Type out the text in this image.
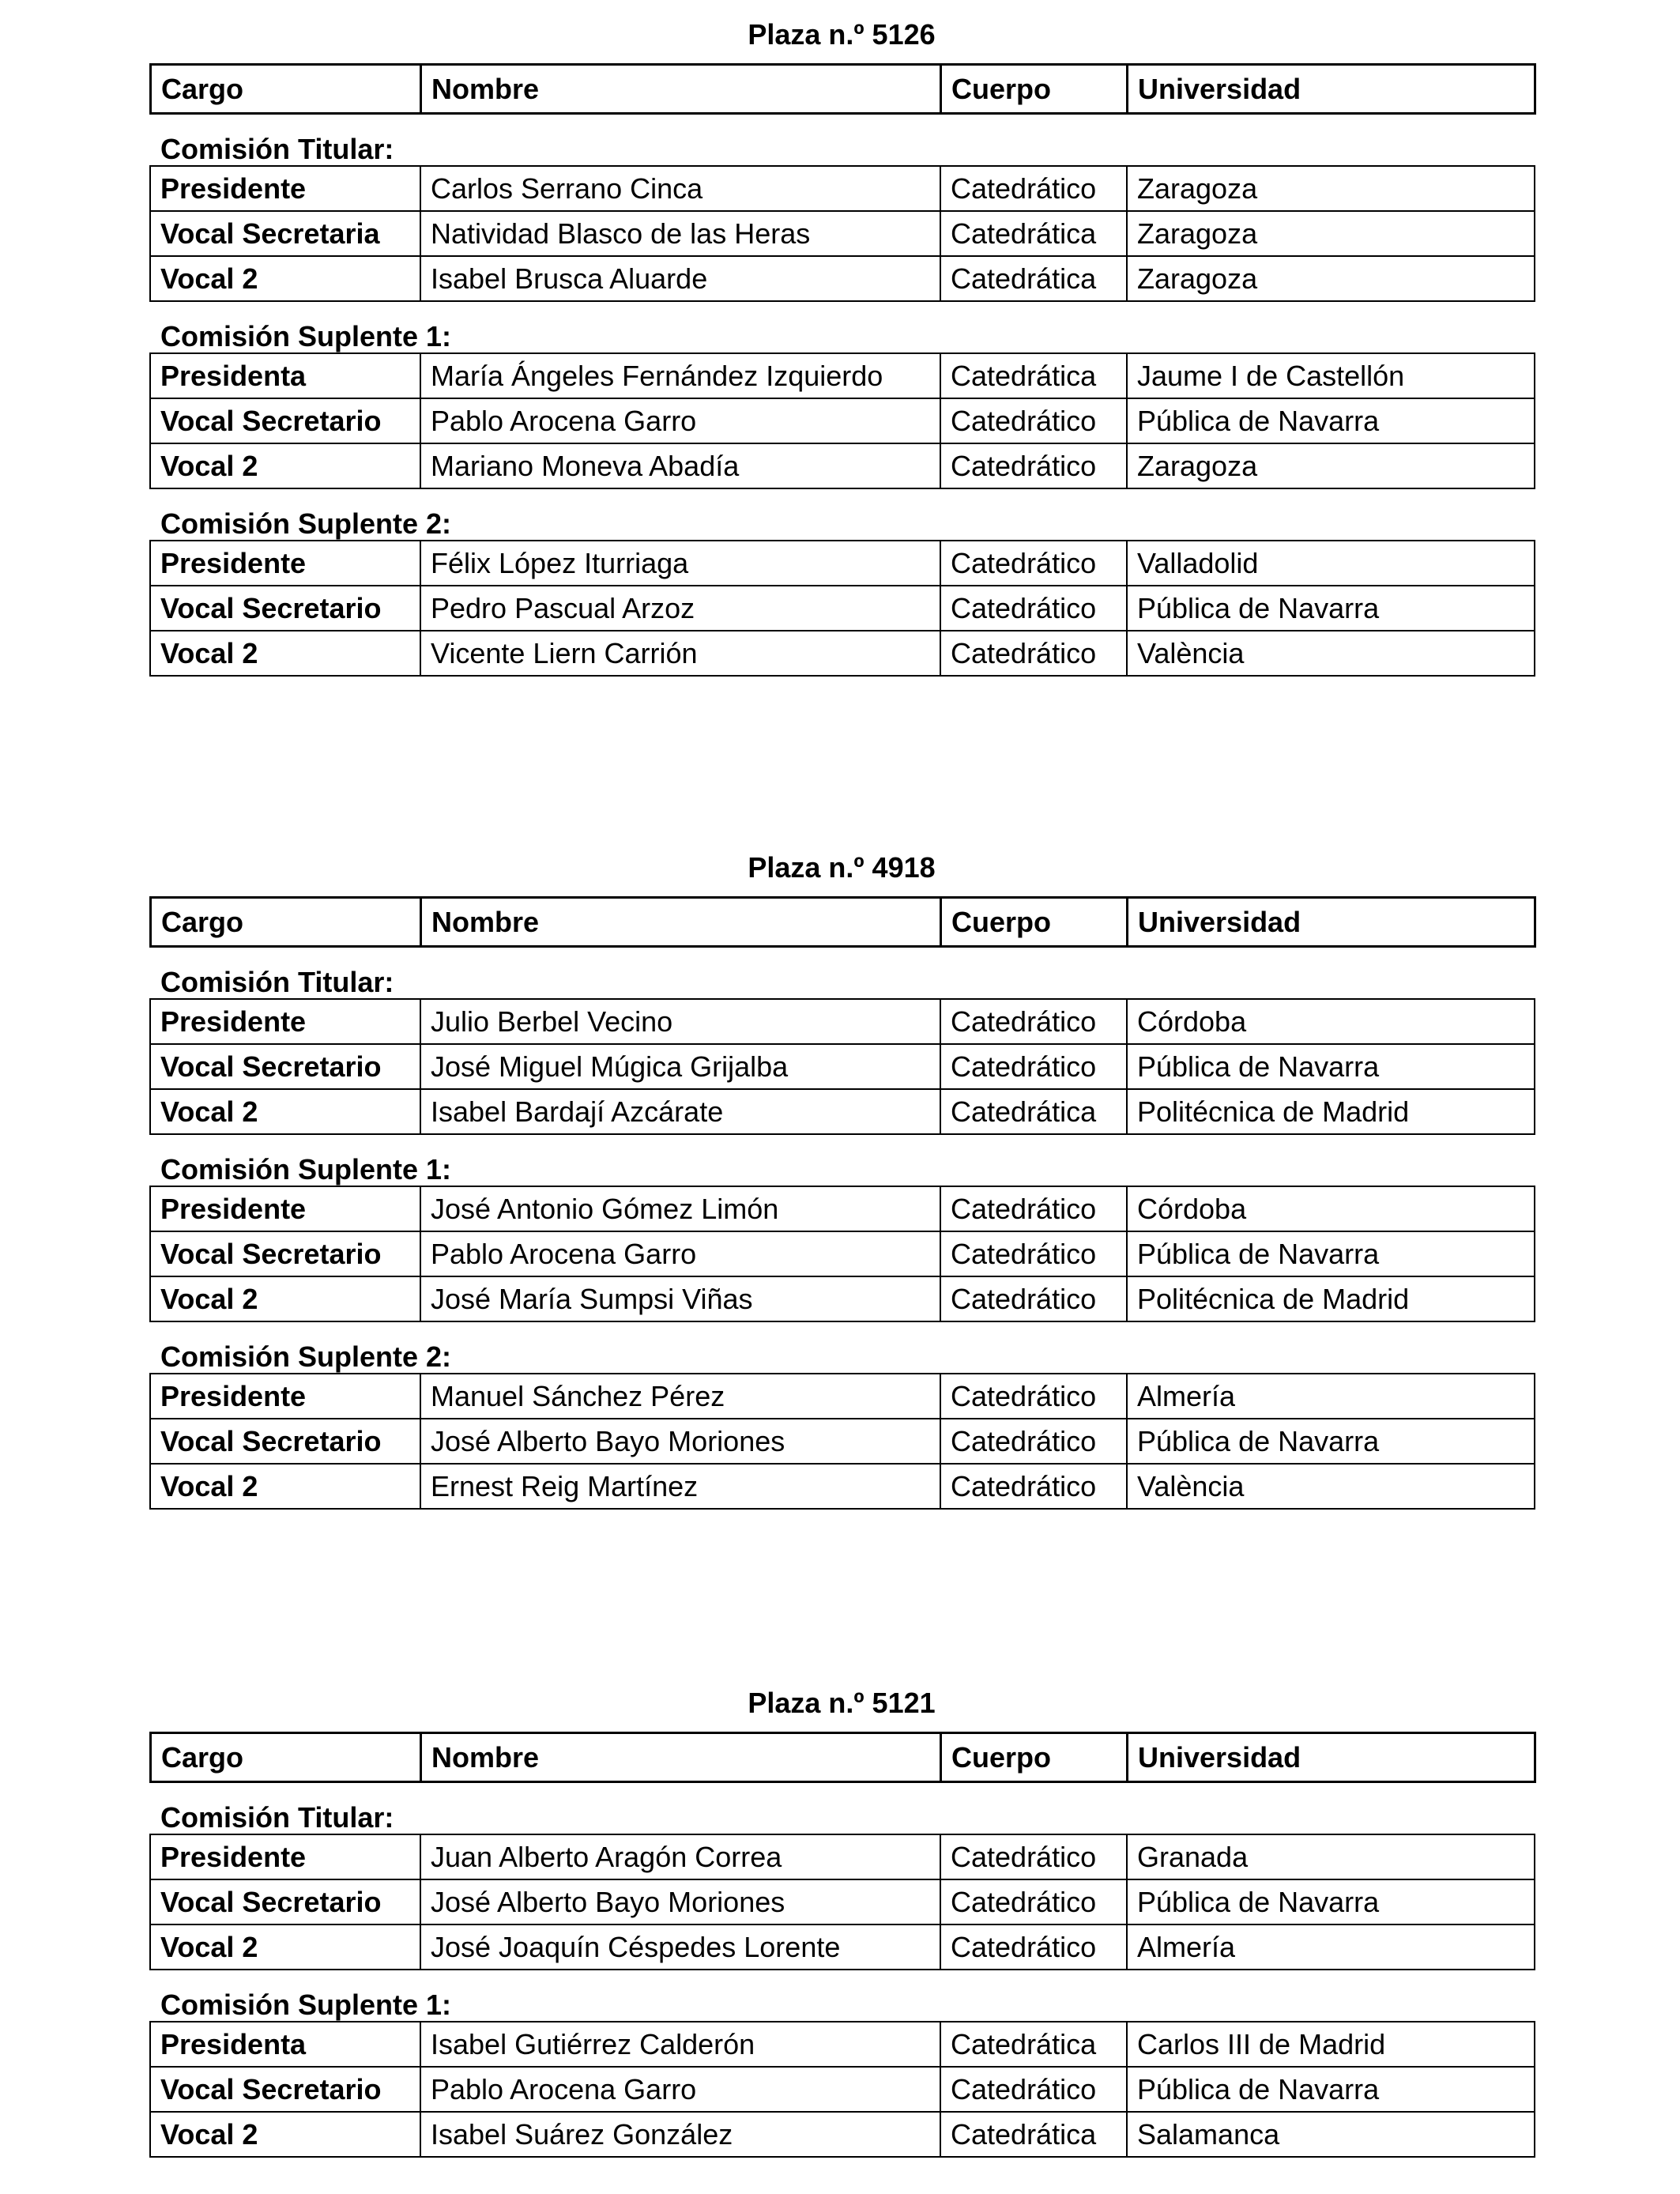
Plaza n.º 5126
Cargo	Nombre	Cuerpo	Universidad
Comisión Titular:
Presidente	Carlos Serrano Cinca	Catedrático	Zaragoza
Vocal Secretaria	Natividad Blasco de las Heras	Catedrática	Zaragoza
Vocal 2	Isabel Brusca Aluarde	Catedrática	Zaragoza
Comisión Suplente 1:
Presidenta	María Ángeles Fernández Izquierdo	Catedrática	Jaume I de Castellón
Vocal Secretario	Pablo Arocena Garro	Catedrático	Pública de Navarra
Vocal 2	Mariano Moneva Abadía	Catedrático	Zaragoza
Comisión Suplente 2:
Presidente	Félix López Iturriaga	Catedrático	Valladolid
Vocal Secretario	Pedro Pascual Arzoz	Catedrático	Pública de Navarra
Vocal 2	Vicente Liern Carrión	Catedrático	València
Plaza n.º 4918
Cargo	Nombre	Cuerpo	Universidad
Comisión Titular:
Presidente	Julio Berbel Vecino	Catedrático	Córdoba
Vocal Secretario	José Miguel Múgica Grijalba	Catedrático	Pública de Navarra
Vocal 2	Isabel Bardají Azcárate	Catedrática	Politécnica de Madrid
Comisión Suplente 1:
Presidente	José Antonio Gómez Limón	Catedrático	Córdoba
Vocal Secretario	Pablo Arocena Garro	Catedrático	Pública de Navarra
Vocal 2	José María Sumpsi Viñas	Catedrático	Politécnica de Madrid
Comisión Suplente 2:
Presidente	Manuel Sánchez Pérez	Catedrático	Almería
Vocal Secretario	José Alberto Bayo Moriones	Catedrático	Pública de Navarra
Vocal 2	Ernest Reig Martínez	Catedrático	València
Plaza n.º 5121
Cargo	Nombre	Cuerpo	Universidad
Comisión Titular:
Presidente	Juan Alberto Aragón Correa	Catedrático	Granada
Vocal Secretario	José Alberto Bayo Moriones	Catedrático	Pública de Navarra
Vocal 2	José Joaquín Céspedes Lorente	Catedrático	Almería
Comisión Suplente 1:
Presidenta	Isabel Gutiérrez Calderón	Catedrática	Carlos III de Madrid
Vocal Secretario	Pablo Arocena Garro	Catedrático	Pública de Navarra
Vocal 2	Isabel Suárez González	Catedrática	Salamanca
